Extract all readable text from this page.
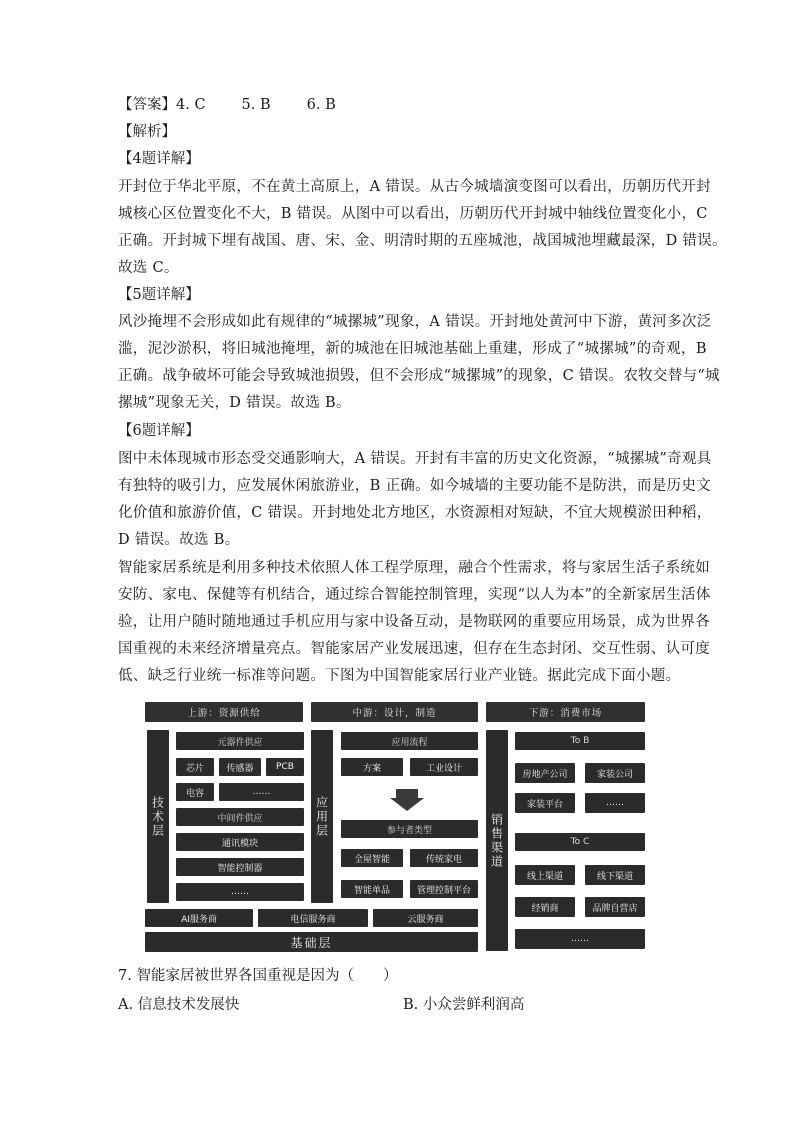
【答案】4. C 5. B 6. B
【解析】
【4题详解】
开封位于华北平原，不在黄土高原上，A 错误。从古今城墙演变图可以看出，历朝历代开封
城核心区位置变化不大，B 错误。从图中可以看出，历朝历代开封城中轴线位置变化小，C
正确。开封城下埋有战国、唐、宋、金、明清时期的五座城池，战国城池埋藏最深，D 错误。
故选 C。
【5题详解】
风沙掩埋不会形成如此有规律的“城摞城”现象，A 错误。开封地处黄河中下游，黄河多次泛
滥，泥沙淤积，将旧城池掩埋，新的城池在旧城池基础上重建，形成了“城摞城”的奇观，B
正确。战争破坏可能会导致城池损毁，但不会形成“城摞城”的现象，C 错误。农牧交替与“城
摞城”现象无关，D 错误。故选 B。
【6题详解】
图中未体现城市形态受交通影响大，A 错误。开封有丰富的历史文化资源，“城摞城”奇观具
有独特的吸引力，应发展休闲旅游业，B 正确。如今城墙的主要功能不是防洪，而是历史文
化价值和旅游价值，C 错误。开封地处北方地区，水资源相对短缺，不宜大规模淤田种稻，
D 错误。故选 B。
智能家居系统是利用多种技术依照人体工程学原理，融合个性需求，将与家居生活子系统如
安防、家电、保健等有机结合，通过综合智能控制管理，实现“以人为本”的全新家居生活体
验，让用户随时随地通过手机应用与家中设备互动，是物联网的重要应用场景，成为世界各
国重视的未来经济增量亮点。智能家居产业发展迅速，但存在生态封闭、交互性弱、认可度
低、缺乏行业统一标准等问题。下图为中国智能家居行业产业链。据此完成下面小题。
上游：资源供给	中游：设计，制造	下游：消费市场
技术层
元器件供应
芯片	传感器	PCB
电容	……
中间件供应
通讯模块
智能控制器
……
应用层
应用流程
方案	工业设计
参与者类型
全屋智能	传统家电
智能单品	管理控制平台
销售渠道
To B
房地产公司	家装公司
家装平台	……
To C
线上渠道	线下渠道
经销商	品牌自营店
……
AI服务商	电信服务商	云服务商
基础层
7. 智能家居被世界各国重视是因为（　　）
A. 信息技术发展快	B. 小众尝鲜利润高
